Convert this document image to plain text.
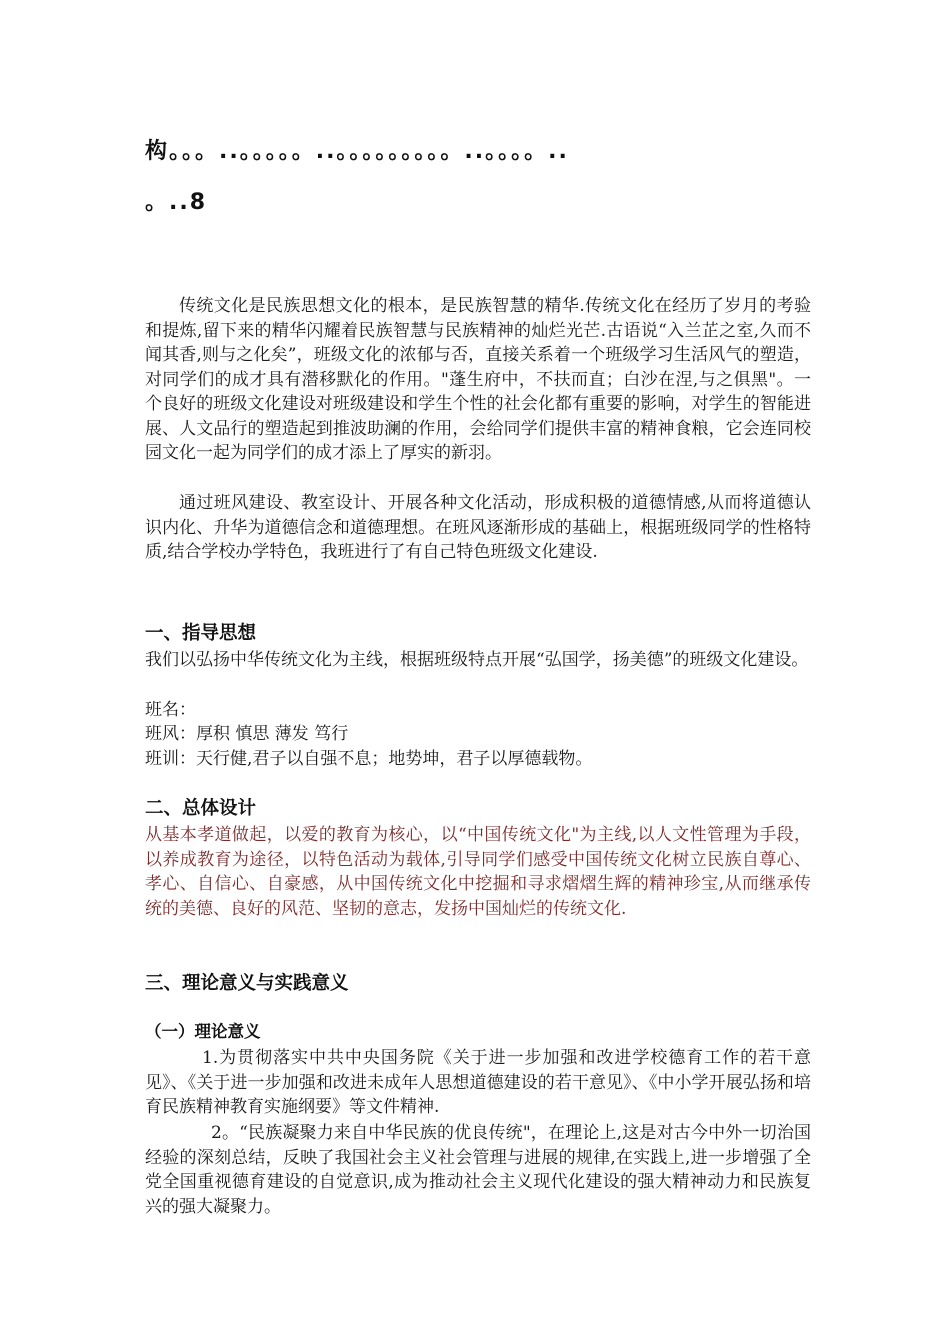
构。。。..。。。。。..。。。。。。。。。..。。。。..
。..8

传统文化是民族思想文化的根本，是民族智慧的精华.传统文化在经历了岁月的考验和提炼,留下来的精华闪耀着民族智慧与民族精神的灿烂光芒.古语说“入兰芷之室,久而不闻其香,则与之化矣”，班级文化的浓郁与否，直接关系着一个班级学习生活风气的塑造，对同学们的成才具有潜移默化的作用。"蓬生府中，不扶而直；白沙在涅,与之俱黑"。一个良好的班级文化建设对班级建设和学生个性的社会化都有重要的影响，对学生的智能进展、人文品行的塑造起到推波助澜的作用，会给同学们提供丰富的精神食粮，它会连同校园文化一起为同学们的成才添上了厚实的新羽。

通过班风建设、教室设计、开展各种文化活动，形成积极的道德情感,从而将道德认识内化、升华为道德信念和道德理想。在班风逐渐形成的基础上，根据班级同学的性格特质,结合学校办学特色，我班进行了有自己特色班级文化建设.

一、指导思想

我们以弘扬中华传统文化为主线，根据班级特点开展“弘国学，扬美德”的班级文化建设。

班名：
班风：厚积 慎思 薄发 笃行
班训：天行健,君子以自强不息；地势坤，君子以厚德载物。
二、总体设计

从基本孝道做起，以爱的教育为核心，以“中国传统文化"为主线,以人文性管理为手段，以养成教育为途径，以特色活动为载体,引导同学们感受中国传统文化树立民族自尊心、孝心、自信心、自豪感，从中国传统文化中挖掘和寻求熠熠生辉的精神珍宝,从而继承传统的美德、良好的风范、坚韧的意志，发扬中国灿烂的传统文化.

三、理论意义与实践意义
（一）理论意义

1.为贯彻落实中共中央国务院《关于进一步加强和改进学校德育工作的若干意见》、《关于进一步加强和改进未成年人思想道德建设的若干意见》、《中小学开展弘扬和培育民族精神教育实施纲要》等文件精神.

2。“民族凝聚力来自中华民族的优良传统"，在理论上,这是对古今中外一切治国经验的深刻总结，反映了我国社会主义社会管理与进展的规律,在实践上,进一步增强了全党全国重视德育建设的自觉意识,成为推动社会主义现代化建设的强大精神动力和民族复兴的强大凝聚力。
